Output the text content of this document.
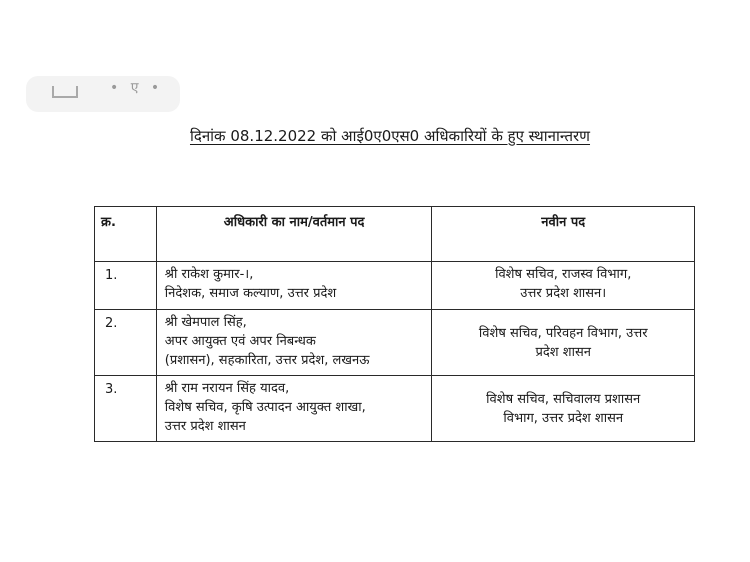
• ए •
दिनांक 08.12.2022 को आई0ए0एस0 अधिकारियों के हुए स्थानान्तरण
क्र.	अधिकारी का नाम/वर्तमान पद	नवीन पद
1.	श्री राकेश कुमार-।,
निदेशक, समाज कल्याण, उत्तर प्रदेश	विशेष सचिव, राजस्व विभाग,
उत्तर प्रदेश शासन।

2.	श्री खेमपाल सिंह,
अपर आयुक्त एवं अपर निबन्धक
(प्रशासन), सहकारिता, उत्तर प्रदेश, लखनऊ	विशेष सचिव, परिवहन विभाग, उत्तर
प्रदेश शासन

3.	श्री राम नरायन सिंह यादव,
विशेष सचिव, कृषि उत्पादन आयुक्त शाखा,
उत्तर प्रदेश शासन	विशेष सचिव, सचिवालय प्रशासन
विभाग, उत्तर प्रदेश शासन
